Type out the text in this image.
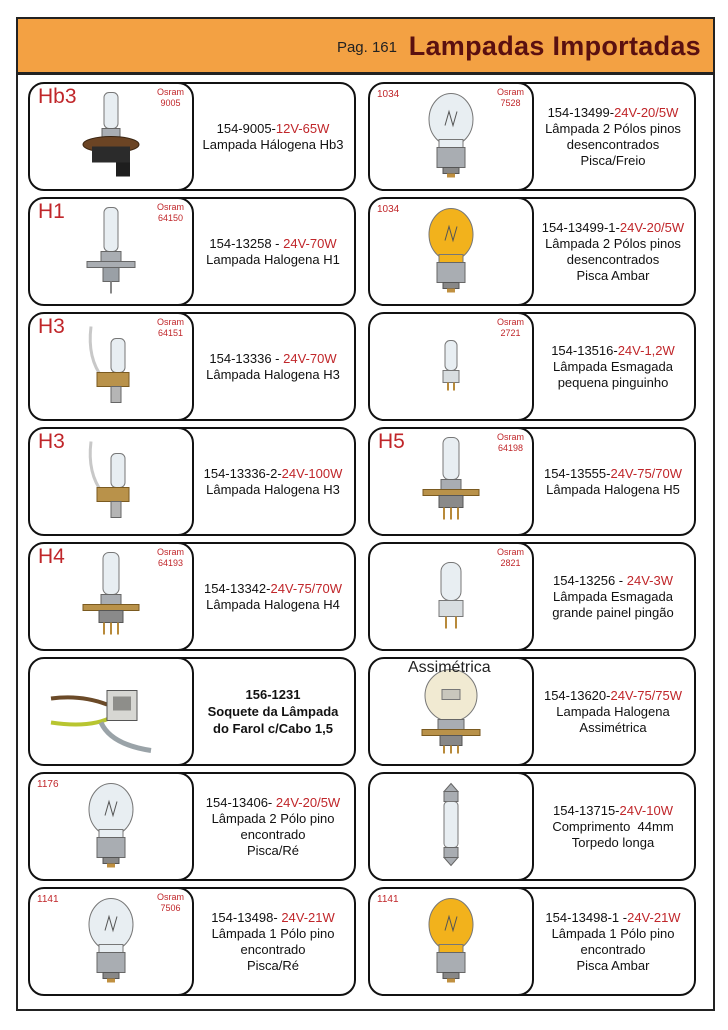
Pag. 161 Lampadas Importadas
Hb3	Osram
9005
154-9005-12V-65W
Lampada Hálogena Hb3
1034	Osram
7528
154-13499-24V-20/5W
Lâmpada 2 Pólos pinos
desencontrados
Pisca/Freio
H1	Osram
64150
154-13258 - 24V-70W
Lampada Halogena H1
1034
154-13499-1-24V-20/5W
Lâmpada 2 Pólos pinos
desencontrados
Pisca Ambar
H3	Osram
64151
154-13336 - 24V-70W
Lâmpada Halogena H3
Osram
2721
154-13516-24V-1,2W
Lâmpada Esmagada
pequena pinguinho
H3
154-13336-2-24V-100W
Lâmpada Halogena H3
H5	Osram
64198
154-13555-24V-75/70W
Lâmpada Halogena H5
H4	Osram
64193
154-13342-24V-75/70W
Lâmpada Halogena H4
Osram
2821
154-13256 - 24V-3W
Lâmpada Esmagada
grande painel pingão
156-1231
Soquete da Lâmpada
do Farol c/Cabo 1,5
Assimétrica
154-13620-24V-75/75W
Lampada Halogena
Assimétrica
1176
154-13406- 24V-20/5W
Lâmpada 2 Pólo pino
encontrado
Pisca/Ré
154-13715-24V-10W
Comprimento  44mm
Torpedo longa
1141	Osram
7506
154-13498- 24V-21W
Lâmpada 1 Pólo pino
encontrado
Pisca/Ré
1141
154-13498-1 -24V-21W
Lâmpada 1 Pólo pino
encontrado
Pisca Ambar
